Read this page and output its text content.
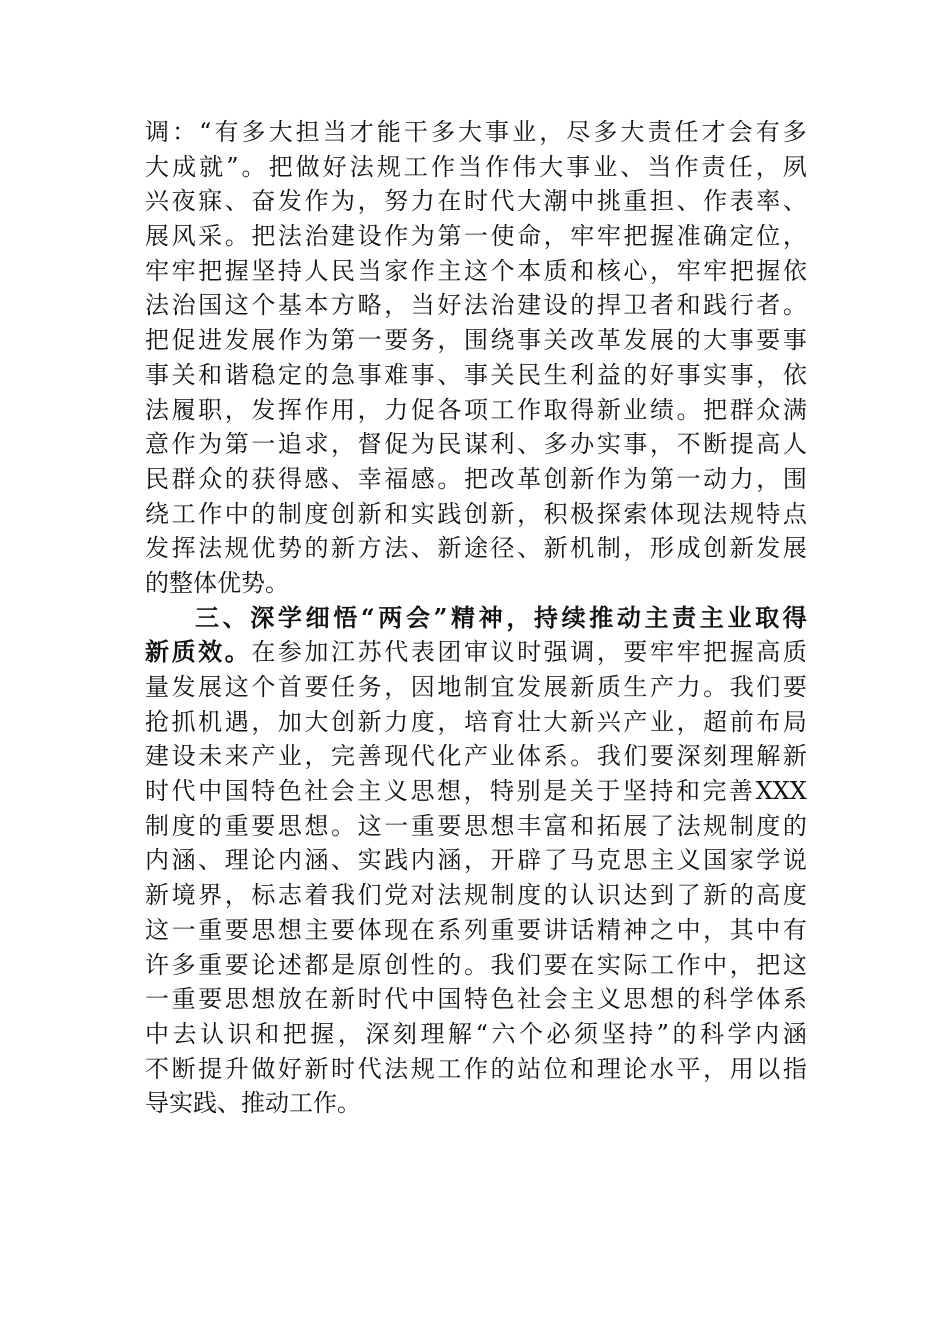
调 ： “ 有 多 大 担 当 才 能 干 多 大 事 业 ， 尽 多 大 责 任 才 会 有 多
大 成 就 ” 。 把 做 好 法 规 工 作 当 作 伟 大 事 业 、 当 作 责 任 ， 夙
兴 夜 寐 、 奋 发 作 为 ， 努 力 在 时 代 大 潮 中 挑 重 担 、 作 表 率 、
展 风 采 。 把 法 治 建 设 作 为 第 一 使 命 ， 牢 牢 把 握 准 确 定 位 ，
牢 牢 把 握 坚 持 人 民 当 家 作 主 这 个 本 质 和 核 心 ， 牢 牢 把 握 依
法 治 国 这 个 基 本 方 略 ， 当 好 法 治 建 设 的 捍 卫 者 和 践 行 者 。
把 促 进 发 展 作 为 第 一 要 务 ， 围 绕 事 关 改 革 发 展 的 大 事 要 事
事 关 和 谐 稳 定 的 急 事 难 事 、 事 关 民 生 利 益 的 好 事 实 事 ， 依
法 履 职 ， 发 挥 作 用 ， 力 促 各 项 工 作 取 得 新 业 绩 。 把 群 众 满
意 作 为 第 一 追 求 ， 督 促 为 民 谋 利 、 多 办 实 事 ， 不 断 提 高 人
民 群 众 的 获 得 感 、 幸 福 感 。 把 改 革 创 新 作 为 第 一 动 力 ， 围
绕 工 作 中 的 制 度 创 新 和 实 践 创 新 ， 积 极 探 索 体 现 法 规 特 点
发 挥 法 规 优 势 的 新 方 法 、 新 途 径 、 新 机 制 ， 形 成 创 新 发 展
的整体优势。
三 、 深 学 细 悟 “ 两 会 ” 精 神 ， 持 续 推 动 主 责 主 业 取 得
新 质 效 。 在 参 加 江 苏 代 表 团 审 议 时 强 调 ， 要 牢 牢 把 握 高 质
量 发 展 这 个 首 要 任 务 ， 因 地 制 宜 发 展 新 质 生 产 力 。 我 们 要
抢 抓 机 遇 ， 加 大 创 新 力 度 ， 培 育 壮 大 新 兴 产 业 ， 超 前 布 局
建 设 未 来 产 业 ， 完 善 现 代 化 产 业 体 系 。 我 们 要 深 刻 理 解 新
时 代 中 国 特 色 社 会 主 义 思 想 ， 特 别 是 关 于 坚 持 和 完 善 XXX
制 度 的 重 要 思 想 。 这 一 重 要 思 想 丰 富 和 拓 展 了 法 规 制 度 的
内 涵 、 理 论 内 涵 、 实 践 内 涵 ， 开 辟 了 马 克 思 主 义 国 家 学 说
新 境 界 ， 标 志 着 我 们 党 对 法 规 制 度 的 认 识 达 到 了 新 的 高 度
这 一 重 要 思 想 主 要 体 现 在 系 列 重 要 讲 话 精 神 之 中 ， 其 中 有
许 多 重 要 论 述 都 是 原 创 性 的 。 我 们 要 在 实 际 工 作 中 ， 把 这
一 重 要 思 想 放 在 新 时 代 中 国 特 色 社 会 主 义 思 想 的 科 学 体 系
中 去 认 识 和 把 握 ， 深 刻 理 解 “ 六 个 必 须 坚 持 ” 的 科 学 内 涵
不 断 提 升 做 好 新 时 代 法 规 工 作 的 站 位 和 理 论 水 平 ， 用 以 指
导实践、推动工作。
